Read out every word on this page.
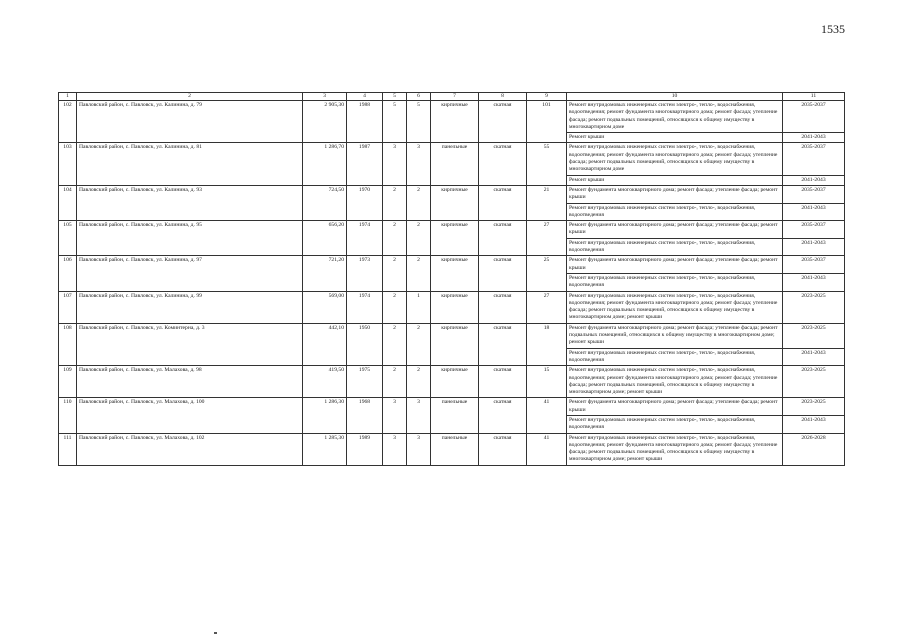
1535
1	2	3	4	5	6	7	8	9	10	11
102	Павловский район, с. Павловск, ул. Калинина, д. 79	2 905,30	1988	5	5	кирпичные	скатная	101	Ремонт внутридомовых инженерных систем электро-, тепло-, водоснабжения, водоотведения; ремонт фундамента многоквартирного дома; ремонт фасада; утепление фасада; ремонт подвальных помещений, относящихся к общему имуществу в многоквартирном доме	2035-2037
									Ремонт крыши	2041-2043
103	Павловский район, с. Павловск, ул. Калинина, д. 81	1 286,70	1987	3	3	панельные	скатная	55	Ремонт внутридомовых инженерных систем электро-, тепло-, водоснабжения, водоотведения; ремонт фундамента многоквартирного дома; ремонт фасада; утепление фасада; ремонт подвальных помещений, относящихся к общему имуществу в многоквартирном доме	2035-2037
									Ремонт крыши	2041-2043
104	Павловский район, с. Павловск, ул. Калинина, д. 93	724,50	1970	2	2	кирпичные	скатная	21	Ремонт фундамента многоквартирного дома; ремонт фасада; утепление фасада; ремонт крыши	2035-2037
									Ремонт внутридомовых инженерных систем электро-, тепло-, водоснабжения, водоотведения	2041-2043
105	Павловский район, с. Павловск, ул. Калинина, д. 95	656,20	1974	2	2	кирпичные	скатная	27	Ремонт фундамента многоквартирного дома; ремонт фасада; утепление фасада; ремонт крыши	2035-2037
									Ремонт внутридомовых инженерных систем электро-, тепло-, водоснабжения, водоотведения	2041-2043
106	Павловский район, с. Павловск, ул. Калинина, д. 97	721,20	1973	2	2	кирпичные	скатная	25	Ремонт фундамента многоквартирного дома; ремонт фасада; утепление фасада; ремонт крыши	2035-2037
									Ремонт внутридомовых инженерных систем электро-, тепло-, водоснабжения, водоотведения	2041-2043
107	Павловский район, с. Павловск, ул. Калинина, д. 99	569,00	1974	2	1	кирпичные	скатная	27	Ремонт внутридомовых инженерных систем электро-, тепло-, водоснабжения, водоотведения; ремонт фундамента многоквартирного дома; ремонт фасада; утепление фасада; ремонт подвальных помещений, относящихся к общему имуществу в многоквартирном доме; ремонт крыши	2023-2025
108	Павловский район, с. Павловск, ул. Коминтерна, д. 3	442,10	1950	2	2	кирпичные	скатная	18	Ремонт фундамента многоквартирного дома; ремонт фасада; утепление фасада; ремонт подвальных помещений, относящихся к общему имуществу в многоквартирном доме; ремонт крыши	2023-2025
									Ремонт внутридомовых инженерных систем электро-, тепло-, водоснабжения, водоотведения	2041-2043
109	Павловский район, с. Павловск, ул. Малахова, д. 98	419,50	1975	2	2	кирпичные	скатная	15	Ремонт внутридомовых инженерных систем электро-, тепло-, водоснабжения, водоотведения; ремонт фундамента многоквартирного дома; ремонт фасада; утепление фасада; ремонт подвальных помещений, относящихся к общему имуществу в многоквартирном доме; ремонт крыши	2023-2025
110	Павловский район, с. Павловск, ул. Малахова, д. 100	1 286,30	1968	3	3	панельные	скатная	41	Ремонт фундамента многоквартирного дома; ремонт фасада; утепление фасада; ремонт крыши	2023-2025
									Ремонт внутридомовых инженерных систем электро-, тепло-, водоснабжения, водоотведения	2041-2043
111	Павловский район, с. Павловск, ул. Малахова, д. 102	1 285,30	1989	3	3	панельные	скатная	41	Ремонт внутридомовых инженерных систем электро-, тепло-, водоснабжения, водоотведения; ремонт фундамента многоквартирного дома; ремонт фасада; утепление фасада; ремонт подвальных помещений, относящихся к общему имуществу в многоквартирном доме; ремонт крыши	2026-2028
